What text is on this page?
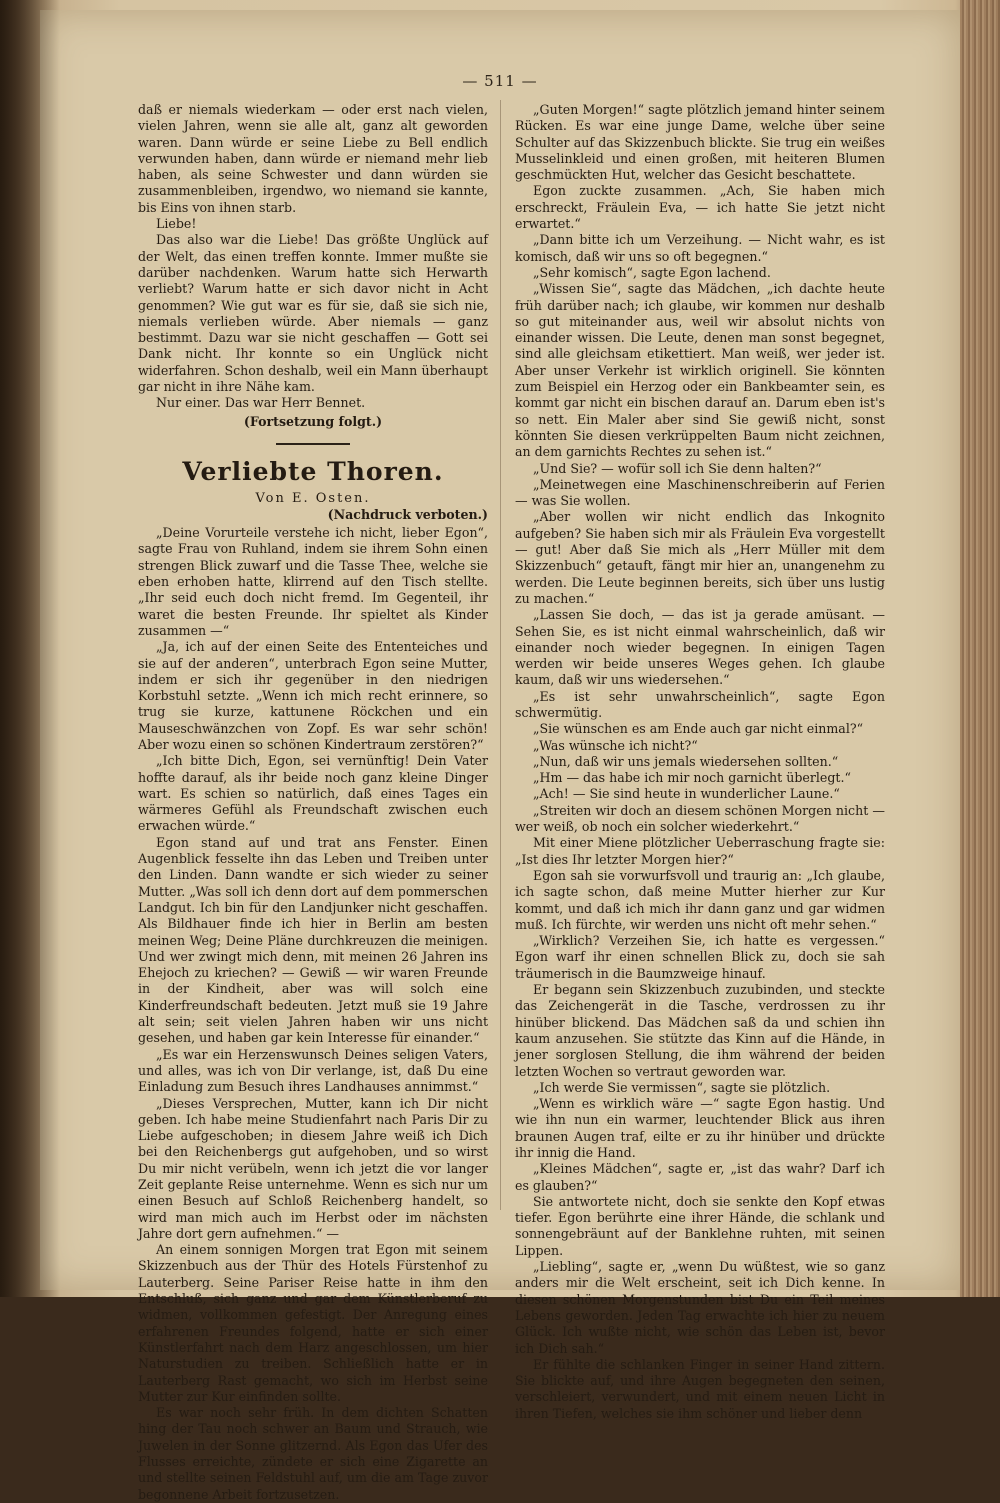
— 511 —

daß er niemals wiederkam — oder erst nach vielen, vielen Jahren, wenn sie alle alt, ganz alt geworden waren. Dann würde er seine Liebe zu Bell endlich verwunden haben, dann würde er niemand mehr lieb haben, als seine Schwester und dann würden sie zusammenbleiben, irgendwo, wo niemand sie kannte, bis Eins von ihnen starb.

Liebe!

Das also war die Liebe! Das größte Unglück auf der Welt, das einen treffen konnte. Immer mußte sie darüber nachdenken. Warum hatte sich Herwarth verliebt? Warum hatte er sich davor nicht in Acht genommen? Wie gut war es für sie, daß sie sich nie, niemals verlieben würde. Aber niemals — ganz bestimmt. Dazu war sie nicht geschaffen — Gott sei Dank nicht. Ihr konnte so ein Unglück nicht widerfahren. Schon deshalb, weil ein Mann überhaupt gar nicht in ihre Nähe kam.

Nur einer. Das war Herr Bennet.

(Fortsetzung folgt.)

Verliebte Thoren.

Von E. Osten.

(Nachdruck verboten.)

„Deine Vorurteile verstehe ich nicht, lieber Egon“, sagte Frau von Ruhland, indem sie ihrem Sohn einen strengen Blick zuwarf und die Tasse Thee, welche sie eben erhoben hatte, klirrend auf den Tisch stellte. „Ihr seid euch doch nicht fremd. Im Gegenteil, ihr waret die besten Freunde. Ihr spieltet als Kinder zusammen —“

„Ja, ich auf der einen Seite des Ententeiches und sie auf der anderen“, unterbrach Egon seine Mutter, indem er sich ihr gegenüber in den niedrigen Korbstuhl setzte. „Wenn ich mich recht erinnere, so trug sie kurze, kattunene Röckchen und ein Mauseschwänzchen von Zopf. Es war sehr schön! Aber wozu einen so schönen Kindertraum zerstören?“

„Ich bitte Dich, Egon, sei vernünftig! Dein Vater hoffte darauf, als ihr beide noch ganz kleine Dinger wart. Es schien so natürlich, daß eines Tages ein wärmeres Gefühl als Freundschaft zwischen euch erwachen würde.“

Egon stand auf und trat ans Fenster. Einen Augenblick fesselte ihn das Leben und Treiben unter den Linden. Dann wandte er sich wieder zu seiner Mutter. „Was soll ich denn dort auf dem pommerschen Landgut. Ich bin für den Landjunker nicht geschaffen. Als Bildhauer finde ich hier in Berlin am besten meinen Weg; Deine Pläne durchkreuzen die meinigen. Und wer zwingt mich denn, mit meinen 26 Jahren ins Ehejoch zu kriechen? — Gewiß — wir waren Freunde in der Kindheit, aber was will solch eine Kinderfreundschaft bedeuten. Jetzt muß sie 19 Jahre alt sein; seit vielen Jahren haben wir uns nicht gesehen, und haben gar kein Interesse für einander.“

„Es war ein Herzenswunsch Deines seligen Vaters, und alles, was ich von Dir verlange, ist, daß Du eine Einladung zum Besuch ihres Landhauses annimmst.“

„Dieses Versprechen, Mutter, kann ich Dir nicht geben. Ich habe meine Studienfahrt nach Paris Dir zu Liebe aufgeschoben; in diesem Jahre weiß ich Dich bei den Reichenbergs gut aufgehoben, und so wirst Du mir nicht verübeln, wenn ich jetzt die vor langer Zeit geplante Reise unternehme. Wenn es sich nur um einen Besuch auf Schloß Reichenberg handelt, so wird man mich auch im Herbst oder im nächsten Jahre dort gern aufnehmen.“ —

An einem sonnigen Morgen trat Egon mit seinem Skizzenbuch aus der Thür des Hotels Fürstenhof zu Lauterberg. Seine Pariser Reise hatte in ihm den Entschluß, sich ganz und gar dem Künstlerberuf zu widmen, vollkommen gefestigt. Der Anregung eines erfahrenen Freundes folgend, hatte er sich einer Künstlerfahrt nach dem Harz angeschlossen, um hier Naturstudien zu treiben. Schließlich hatte er in Lauterberg Rast gemacht, wo sich im Herbst seine Mutter zur Kur einfinden sollte.

Es war noch sehr früh. In dem dichten Schatten hing der Tau noch schwer an Baum und Strauch, wie Juwelen in der Sonne glitzernd. Als Egon das Ufer des Flusses erreichte, zündete er sich eine Zigarette an und stellte seinen Feldstuhl auf, um die am Tage zuvor begonnene Arbeit fortzusetzen.

„Guten Morgen!“ sagte plötzlich jemand hinter seinem Rücken. Es war eine junge Dame, welche über seine Schulter auf das Skizzenbuch blickte. Sie trug ein weißes Musselinkleid und einen großen, mit heiteren Blumen geschmückten Hut, welcher das Gesicht beschattete.

Egon zuckte zusammen. „Ach, Sie haben mich erschreckt, Fräulein Eva, — ich hatte Sie jetzt nicht erwartet.“

„Dann bitte ich um Verzeihung. — Nicht wahr, es ist komisch, daß wir uns so oft begegnen.“

„Sehr komisch“, sagte Egon lachend.

„Wissen Sie“, sagte das Mädchen, „ich dachte heute früh darüber nach; ich glaube, wir kommen nur deshalb so gut miteinander aus, weil wir absolut nichts von einander wissen. Die Leute, denen man sonst begegnet, sind alle gleichsam etikettiert. Man weiß, wer jeder ist. Aber unser Verkehr ist wirklich originell. Sie könnten zum Beispiel ein Herzog oder ein Bankbeamter sein, es kommt gar nicht ein bischen darauf an. Darum eben ist's so nett. Ein Maler aber sind Sie gewiß nicht, sonst könnten Sie diesen verkrüppelten Baum nicht zeichnen, an dem garnichts Rechtes zu sehen ist.“

„Und Sie? — wofür soll ich Sie denn halten?“

„Meinetwegen eine Maschinenschreiberin auf Ferien — was Sie wollen.

„Aber wollen wir nicht endlich das Inkognito aufgeben? Sie haben sich mir als Fräulein Eva vorgestellt — gut! Aber daß Sie mich als „Herr Müller mit dem Skizzenbuch“ getauft, fängt mir hier an, unangenehm zu werden. Die Leute beginnen bereits, sich über uns lustig zu machen.“

„Lassen Sie doch, — das ist ja gerade amüsant. — Sehen Sie, es ist nicht einmal wahrscheinlich, daß wir einander noch wieder begegnen. In einigen Tagen werden wir beide unseres Weges gehen. Ich glaube kaum, daß wir uns wiedersehen.“

„Es ist sehr unwahrscheinlich“, sagte Egon schwermütig.

„Sie wünschen es am Ende auch gar nicht einmal?“

„Was wünsche ich nicht?“

„Nun, daß wir uns jemals wiedersehen sollten.“

„Hm — das habe ich mir noch garnicht überlegt.“

„Ach! — Sie sind heute in wunderlicher Laune.“

„Streiten wir doch an diesem schönen Morgen nicht — wer weiß, ob noch ein solcher wiederkehrt.“

Mit einer Miene plötzlicher Ueberraschung fragte sie: „Ist dies Ihr letzter Morgen hier?“

Egon sah sie vorwurfsvoll und traurig an: „Ich glaube, ich sagte schon, daß meine Mutter hierher zur Kur kommt, und daß ich mich ihr dann ganz und gar widmen muß. Ich fürchte, wir werden uns nicht oft mehr sehen.“

„Wirklich? Verzeihen Sie, ich hatte es vergessen.“ Egon warf ihr einen schnellen Blick zu, doch sie sah träumerisch in die Baumzweige hinauf.

Er begann sein Skizzenbuch zuzubinden, und steckte das Zeichengerät in die Tasche, verdrossen zu ihr hinüber blickend. Das Mädchen saß da und schien ihn kaum anzusehen. Sie stützte das Kinn auf die Hände, in jener sorglosen Stellung, die ihm während der beiden letzten Wochen so vertraut geworden war.

„Ich werde Sie vermissen“, sagte sie plötzlich.

„Wenn es wirklich wäre —“ sagte Egon hastig. Und wie ihn nun ein warmer, leuchtender Blick aus ihren braunen Augen traf, eilte er zu ihr hinüber und drückte ihr innig die Hand.

„Kleines Mädchen“, sagte er, „ist das wahr? Darf ich es glauben?“

Sie antwortete nicht, doch sie senkte den Kopf etwas tiefer. Egon berührte eine ihrer Hände, die schlank und sonnengebräunt auf der Banklehne ruhten, mit seinen Lippen.

„Liebling“, sagte er, „wenn Du wüßtest, wie so ganz anders mir die Welt erscheint, seit ich Dich kenne. In diesen schönen Morgenstunden bist Du ein Teil meines Lebens geworden. Jeden Tag erwachte ich hier zu neuem Glück. Ich wußte nicht, wie schön das Leben ist, bevor ich Dich sah.“

Er fühlte die schlanken Finger in seiner Hand zittern. Sie blickte auf, und ihre Augen begegneten den seinen, verschleiert, verwundert, und mit einem neuen Licht in ihren Tiefen, welches sie ihm schöner und lieber denn
